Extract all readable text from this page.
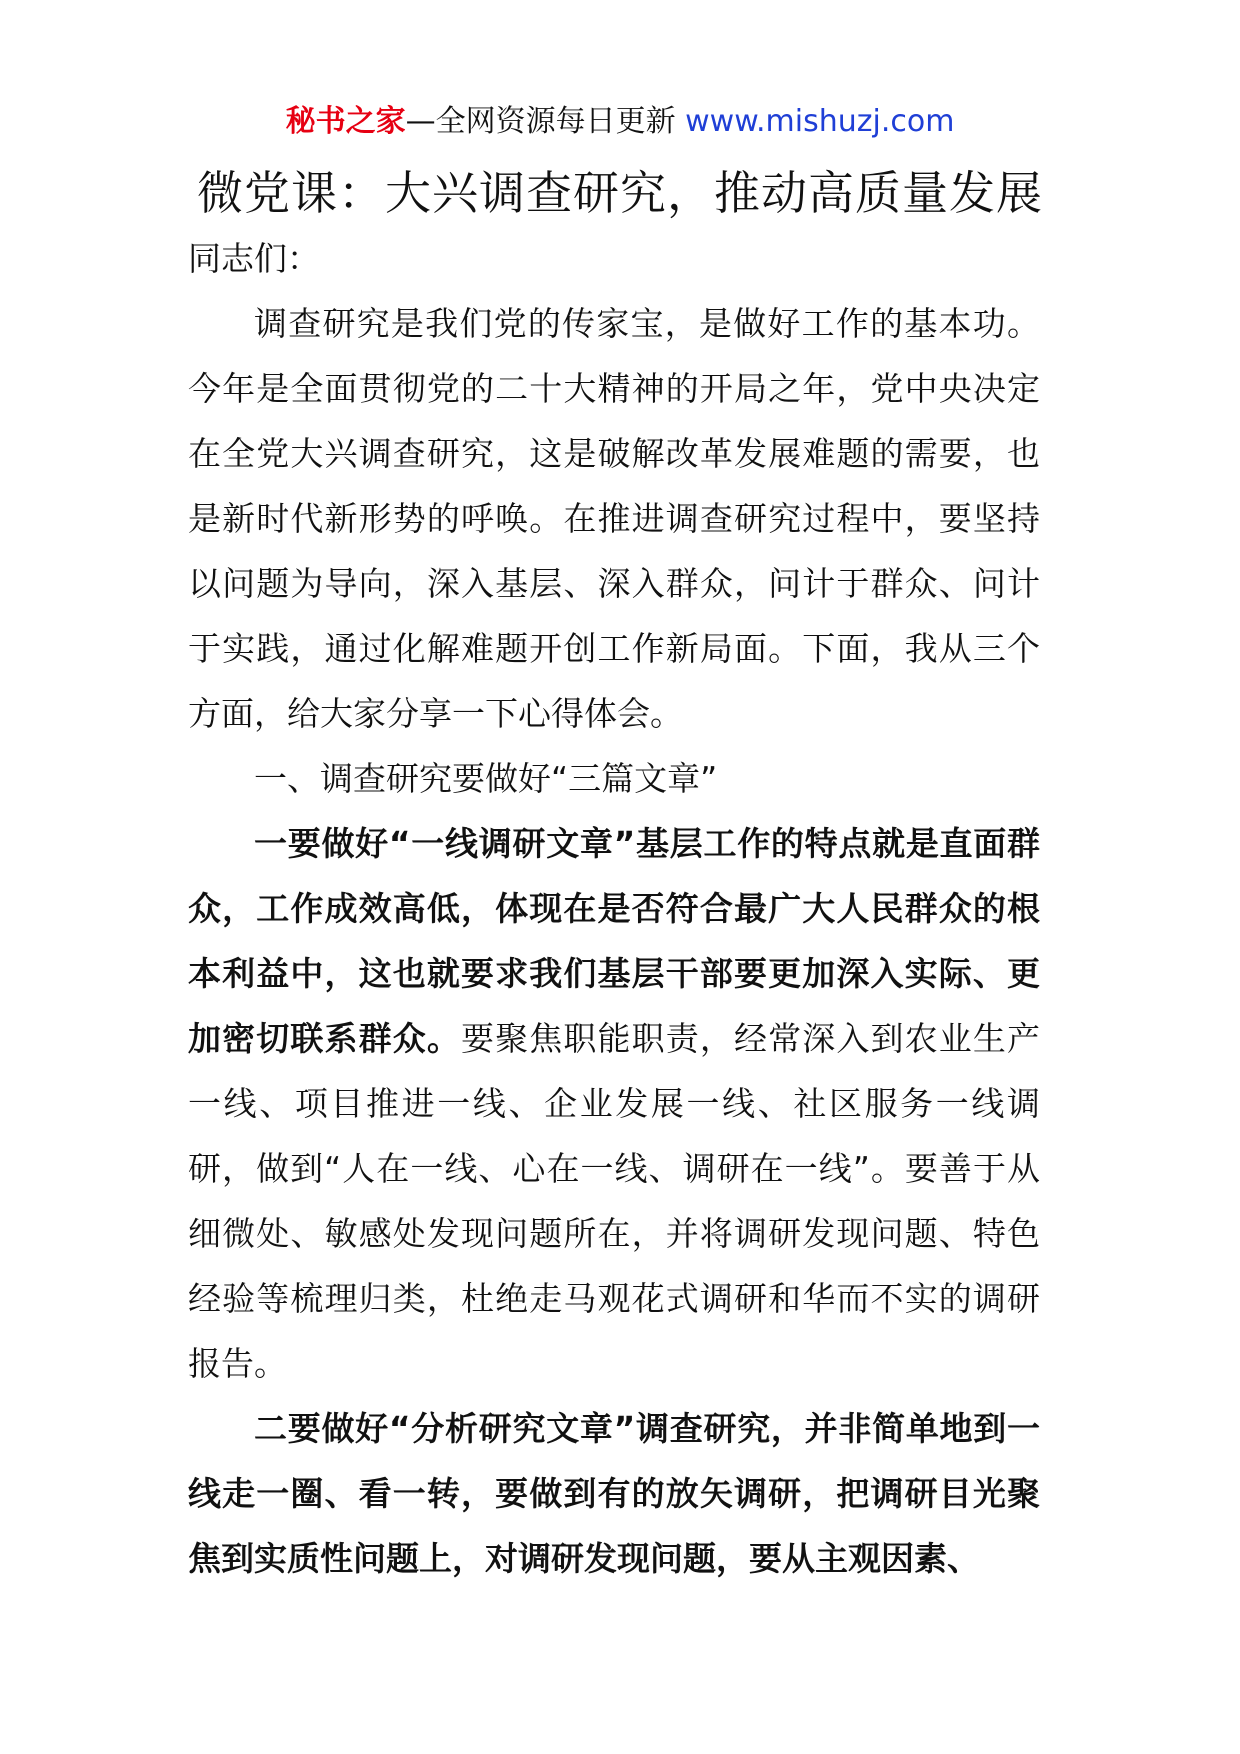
秘书之家—全网资源每日更新 www.mishuzj.com
微党课：大兴调查研究，推动高质量发展

同志们：

调查研究是我们党的传家宝，是做好工作的基本功。今年是全面贯彻党的二十大精神的开局之年，党中央决定在全党大兴调查研究，这是破解改革发展难题的需要，也是新时代新形势的呼唤。在推进调查研究过程中，要坚持以问题为导向，深入基层、深入群众，问计于群众、问计于实践，通过化解难题开创工作新局面。下面，我从三个方面，给大家分享一下心得体会。

一、调查研究要做好“三篇文章”

一要做好“一线调研文章”基层工作的特点就是直面群众，工作成效高低，体现在是否符合最广大人民群众的根本利益中，这也就要求我们基层干部要更加深入实际、更加密切联系群众。要聚焦职能职责，经常深入到农业生产一线、项目推进一线、企业发展一线、社区服务一线调研，做到“人在一线、心在一线、调研在一线”。要善于从细微处、敏感处发现问题所在，并将调研发现问题、特色经验等梳理归类，杜绝走马观花式调研和华而不实的调研报告。

二要做好“分析研究文章”调查研究，并非简单地到一线走一圈、看一转，要做到有的放矢调研，把调研目光聚焦到实质性问题上，对调研发现问题，要从主观因素、
